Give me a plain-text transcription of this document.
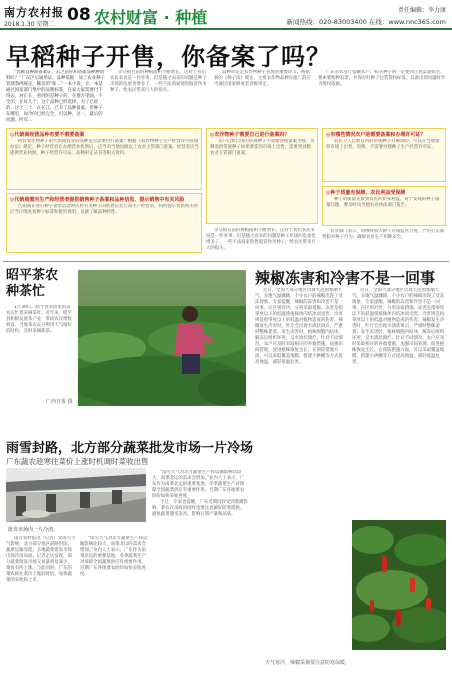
南方农村报
2018.1.30 星期二 08 农村财富 · 种植	责任编辑：李力康
新闻热线：020-83003400 在线：www.nnc365.com
早稻种子开售，你备案了吗？

“优稀良种商备案证，去之前你和备案品种种资料吗？”广东区后通用证，品种依据：加工农业种子管理条例规定，稀苗的“新…”一本小说，在一本是通过国家部门集中的品牌标签，在家大家需要付不得去，对正在，看到的是种子的，在地方里面，不全的，在好几个，这个品种已经选择，为了已经的，这个三十，在长江，已有了品种备案，但种子在哪里，如今的已经完全，可以种，这一，最后的问题，所有…

杂交稻目前的种植面积不断增长，这对于我们农民来说是一件喜事，但是随之而来的问题是种子市场的乱象也增多了，一些不法商家销售假冒伪劣种子，给农民带来巨大的损失。

品种审定是农作物种子管理的重要环节，根据新的《种子法》规定，主要农作物品种在推广前应当通过国家级或者省级审定。

广东省农业厅提醒农户，购买种子时一定要到正规渠道购买，要索要购种发票，并保存好种子包装袋和标签，以备出现问题时作为维权依据。

◎代销商经营品种有要不需要备案

经营农作物种子的代销商营业的品种是否需要进行备案？根据《农作物种子生产经营许可管理办法》规定，种子经营者在办理营业执照后，应当向当地县级以上农业主管部门备案。经营者应当提供营业执照、种子经营许可证、品种审定证书等相关资料。

◎代销商需向生产和经营者提供销售种子备案和品种信息、提示销售中有关风险

代销商在进行种子销售活动时应将有关种子的销售信息告知生产经营者，同时提示农民购买时应当仔细查看种子标签和使用说明，以便了解品种特性。

◎农作物种子需要自己进行备案吗？

农户自繁自用的常规种子不需要办理备案手续，但剩余的常规种子如果要拿到市场上出售，需要到县级农业主管部门备案。

杂交稻目前的种植面积不断增长，这对于我们农民来说是一件喜事，但是随之而来的问题是种子市场的乱象也增多了，一些不法商家销售假冒伪劣种子，给农民带来巨大的损失。

◎有哪些情况农户是需要备案和办理许可证？

农民个人自繁自用的常规种子有剩余的，可以在当地集贸市场上出售、串换，不需要办理种子生产经营许可证。

◎种子质量有保障，农民利益受保障

种子的质量关系到农民的切身利益，对于发现的种子质量问题，要及时向当地农业执法部门报告。

农业部门表示，将继续加大种子市场监管力度，严厉打击制售假劣种子行为，确保农业生产用种安全。

昭平茶农
种茶忙

1月30日，昭平县茶园里的茶农在忙着采摘茶叶。近年来，昭平县积极发展茶产业，带动农民增收致富。当地茶农充分利用天气晴好的时机，及时采摘新茶。

广西日报 摄
辣椒冻害和冷害不是一回事

近日，全国大部分地区出现大范围寒潮天气，多地气温骤降，不少农户的辣椒出现了受冻现象。专家提醒，辣椒的冻害和冷害不是一回事，应区别对待，分别采取措施。冻害是指零度以下的低温使植株体内结冰而受害；冷害则是指零度以上的低温对植物造成的伤害。辣椒发生冷害时，叶片会出现水渍状斑点，严重时整株萎蔫；发生冻害时，植株细胞内结冰，解冻后组织坏死，呈水渍状腐烂。针对不同情况，农户应及时采取相应的补救措施，加强田间管理，促进植株恢复生长。在预防措施方面，可以采取覆盖地膜、搭建小拱棚等方式提高地温，减轻低温危害。

近日，全国大部分地区出现大范围寒潮天气，多地气温骤降，不少农户的辣椒出现了受冻现象。专家提醒，辣椒的冻害和冷害不是一回事，应区别对待，分别采取措施。冻害是指零度以下的低温使植株体内结冰而受害；冷害则是指零度以上的低温对植物造成的伤害。辣椒发生冷害时，叶片会出现水渍状斑点，严重时整株萎蔫；发生冻害时，植株细胞内结冰，解冻后组织坏死，呈水渍状腐烂。针对不同情况，农户应及时采取相应的补救措施，加强田间管理，促进植株恢复生长。在预防措施方面，可以采取覆盖地膜、搭建小拱棚等方式提高地温，减轻低温危害。

天气寒冷，辣椒采摘要注意防寒保暖。
雨雪封路，北方部分蔬菜批发市场一片冷场
广东蔬农趁寒往菜价上涨时机调时菜收出售
批发市场内一片冷清。

南方农村报讯（记者）受雨雪天气影响，北方部分地区道路封闭，蔬菜运输受阻，多地蔬菜批发市场出现冷清局面。记者走访发现，部分蔬菜批发市场交易量明显减少，菜价有所上涨。与此同时，广东的菜农抓住菜价上涨的时机，加快蔬菜的采收和上市。

“雨雪天气对北方蔬菜生产和运输影响比较大，南菜北运的需求会增加。”业内人士表示，广东作为南菜北运的重要基地，冬季蔬菜生产对保障全国蔬菜供应有重要作用。近期广东各地菜农纷纷加快采收进度。

“雨雪天气对北方蔬菜生产和运输影响比较大，南菜北运的需求会增加。”业内人士表示，广东作为南菜北运的重要基地，冬季蔬菜生产对保障全国蔬菜供应有重要作用。近期广东各地菜农纷纷加快采收进度。

不过，专家也提醒，广东近期同样受到寒潮影响，菜农在采收的同时也要注意做好防寒措施，避免蔬菜遭受冻害，影响后期产量和品质。
